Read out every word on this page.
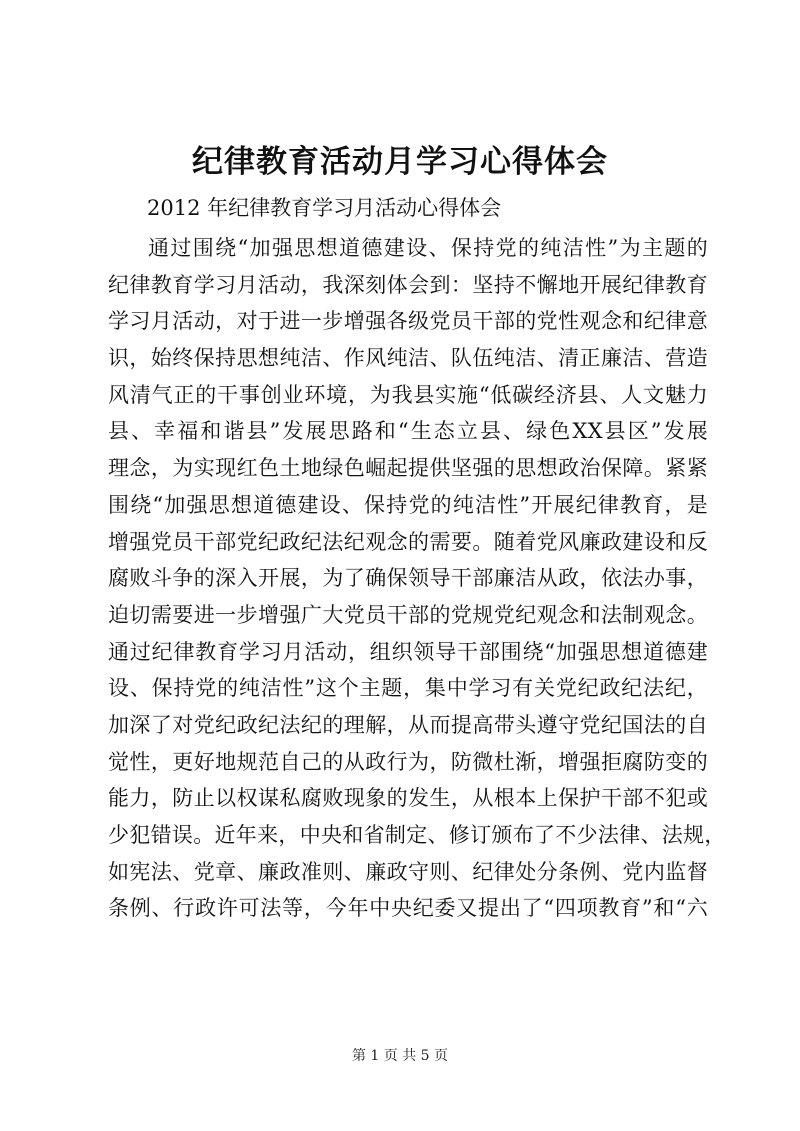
纪律教育活动月学习心得体会
2012 年纪律教育学习月活动心得体会
通过围绕“加强思想道德建设、保持党的纯洁性”为主题的
纪律教育学习月活动，我深刻体会到：坚持不懈地开展纪律教育
学习月活动，对于进一步增强各级党员干部的党性观念和纪律意
识，始终保持思想纯洁、作风纯洁、队伍纯洁、清正廉洁、营造
风清气正的干事创业环境，为我县实施“低碳经济县、人文魅力
县、幸福和谐县”发展思路和“生态立县、绿色XX县区”发展
理念，为实现红色土地绿色崛起提供坚强的思想政治保障。紧紧
围绕“加强思想道德建设、保持党的纯洁性”开展纪律教育，是
增强党员干部党纪政纪法纪观念的需要。随着党风廉政建设和反
腐败斗争的深入开展，为了确保领导干部廉洁从政，依法办事，
迫切需要进一步增强广大党员干部的党规党纪观念和法制观念。
通过纪律教育学习月活动，组织领导干部围绕“加强思想道德建
设、保持党的纯洁性”这个主题，集中学习有关党纪政纪法纪，
加深了对党纪政纪法纪的理解，从而提高带头遵守党纪国法的自
觉性，更好地规范自己的从政行为，防微杜渐，增强拒腐防变的
能力，防止以权谋私腐败现象的发生，从根本上保护干部不犯或
少犯错误。近年来，中央和省制定、修订颁布了不少法律、法规，
如宪法、党章、廉政准则、廉政守则、纪律处分条例、党内监督
条例、行政许可法等，今年中央纪委又提出了“四项教育”和“六
第 1 页 共 5 页
